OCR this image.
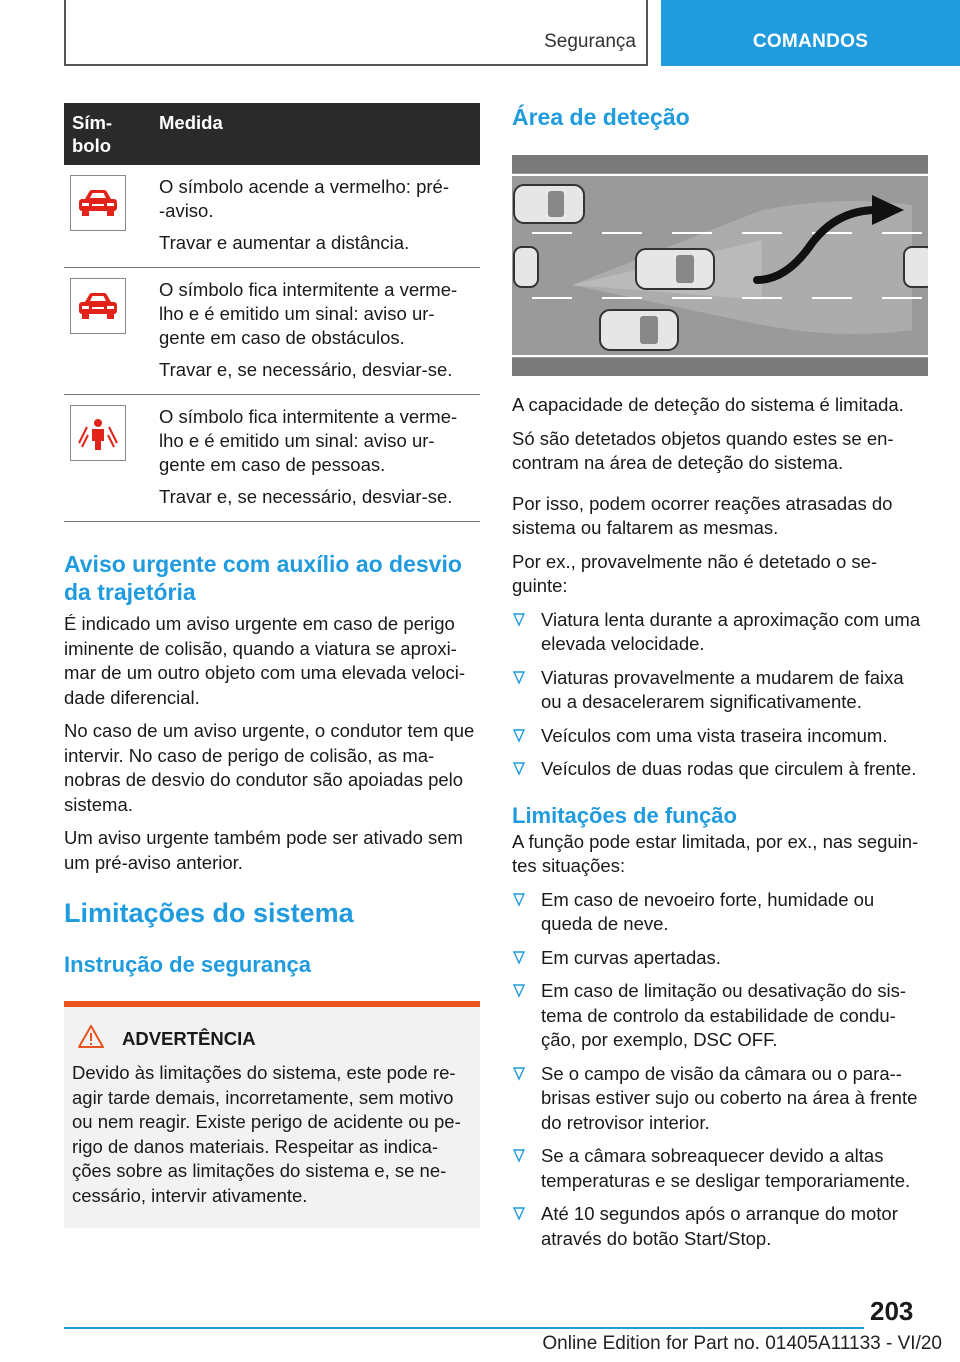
Segurança	COMANDOS
Sím-
bolo	Medida

O símbolo acende a vermelho: pré-
-aviso.

Travar e aumentar a distância.

O símbolo fica intermitente a verme-
lho e é emitido um sinal: aviso ur-
gente em caso de obstáculos.

Travar e, se necessário, desviar-se.

O símbolo fica intermitente a verme-
lho e é emitido um sinal: aviso ur-
gente em caso de pessoas.

Travar e, se necessário, desviar-se.

Aviso urgente com auxílio ao desvio da trajetória

É indicado um aviso urgente em caso de perigo iminente de colisão, quando a viatura se aproxi-mar de um outro objeto com uma elevada veloci-dade diferencial.

No caso de um aviso urgente, o condutor tem que intervir. No caso de perigo de colisão, as ma-nobras de desvio do condutor são apoiadas pelo sistema.

Um aviso urgente também pode ser ativado sem um pré-aviso anterior.

Limitações do sistema
Instrução de segurança
ADVERTÊNCIA

Devido às limitações do sistema, este pode re-agir tarde demais, incorretamente, sem motivo ou nem reagir. Existe perigo de acidente ou pe-rigo de danos materiais. Respeitar as indica-ções sobre as limitações do sistema e, se ne-cessário, intervir ativamente.

Área de deteção

A capacidade de deteção do sistema é limitada.

Só são detetados objetos quando estes se en-contram na área de deteção do sistema.

Por isso, podem ocorrer reações atrasadas do sistema ou faltarem as mesmas.

Por ex., provavelmente não é detetado o se-guinte:

Viatura lenta durante a aproximação com uma elevada velocidade.
Viaturas provavelmente a mudarem de faixa ou a desacelerarem significativamente.
Veículos com uma vista traseira incomum.
Veículos de duas rodas que circulem à frente.
Limitações de função

A função pode estar limitada, por ex., nas seguin-tes situações:

Em caso de nevoeiro forte, humidade ou queda de neve.
Em curvas apertadas.
Em caso de limitação ou desativação do sis-tema de controlo da estabilidade de condu-ção, por exemplo, DSC OFF.
Se o campo de visão da câmara ou o para--brisas estiver sujo ou coberto na área à frente do retrovisor interior.
Se a câmara sobreaquecer devido a altas temperaturas e se desligar temporariamente.
Até 10 segundos após o arranque do motor através do botão Start/Stop.
203
Online Edition for Part no. 01405A11133 - VI/20
